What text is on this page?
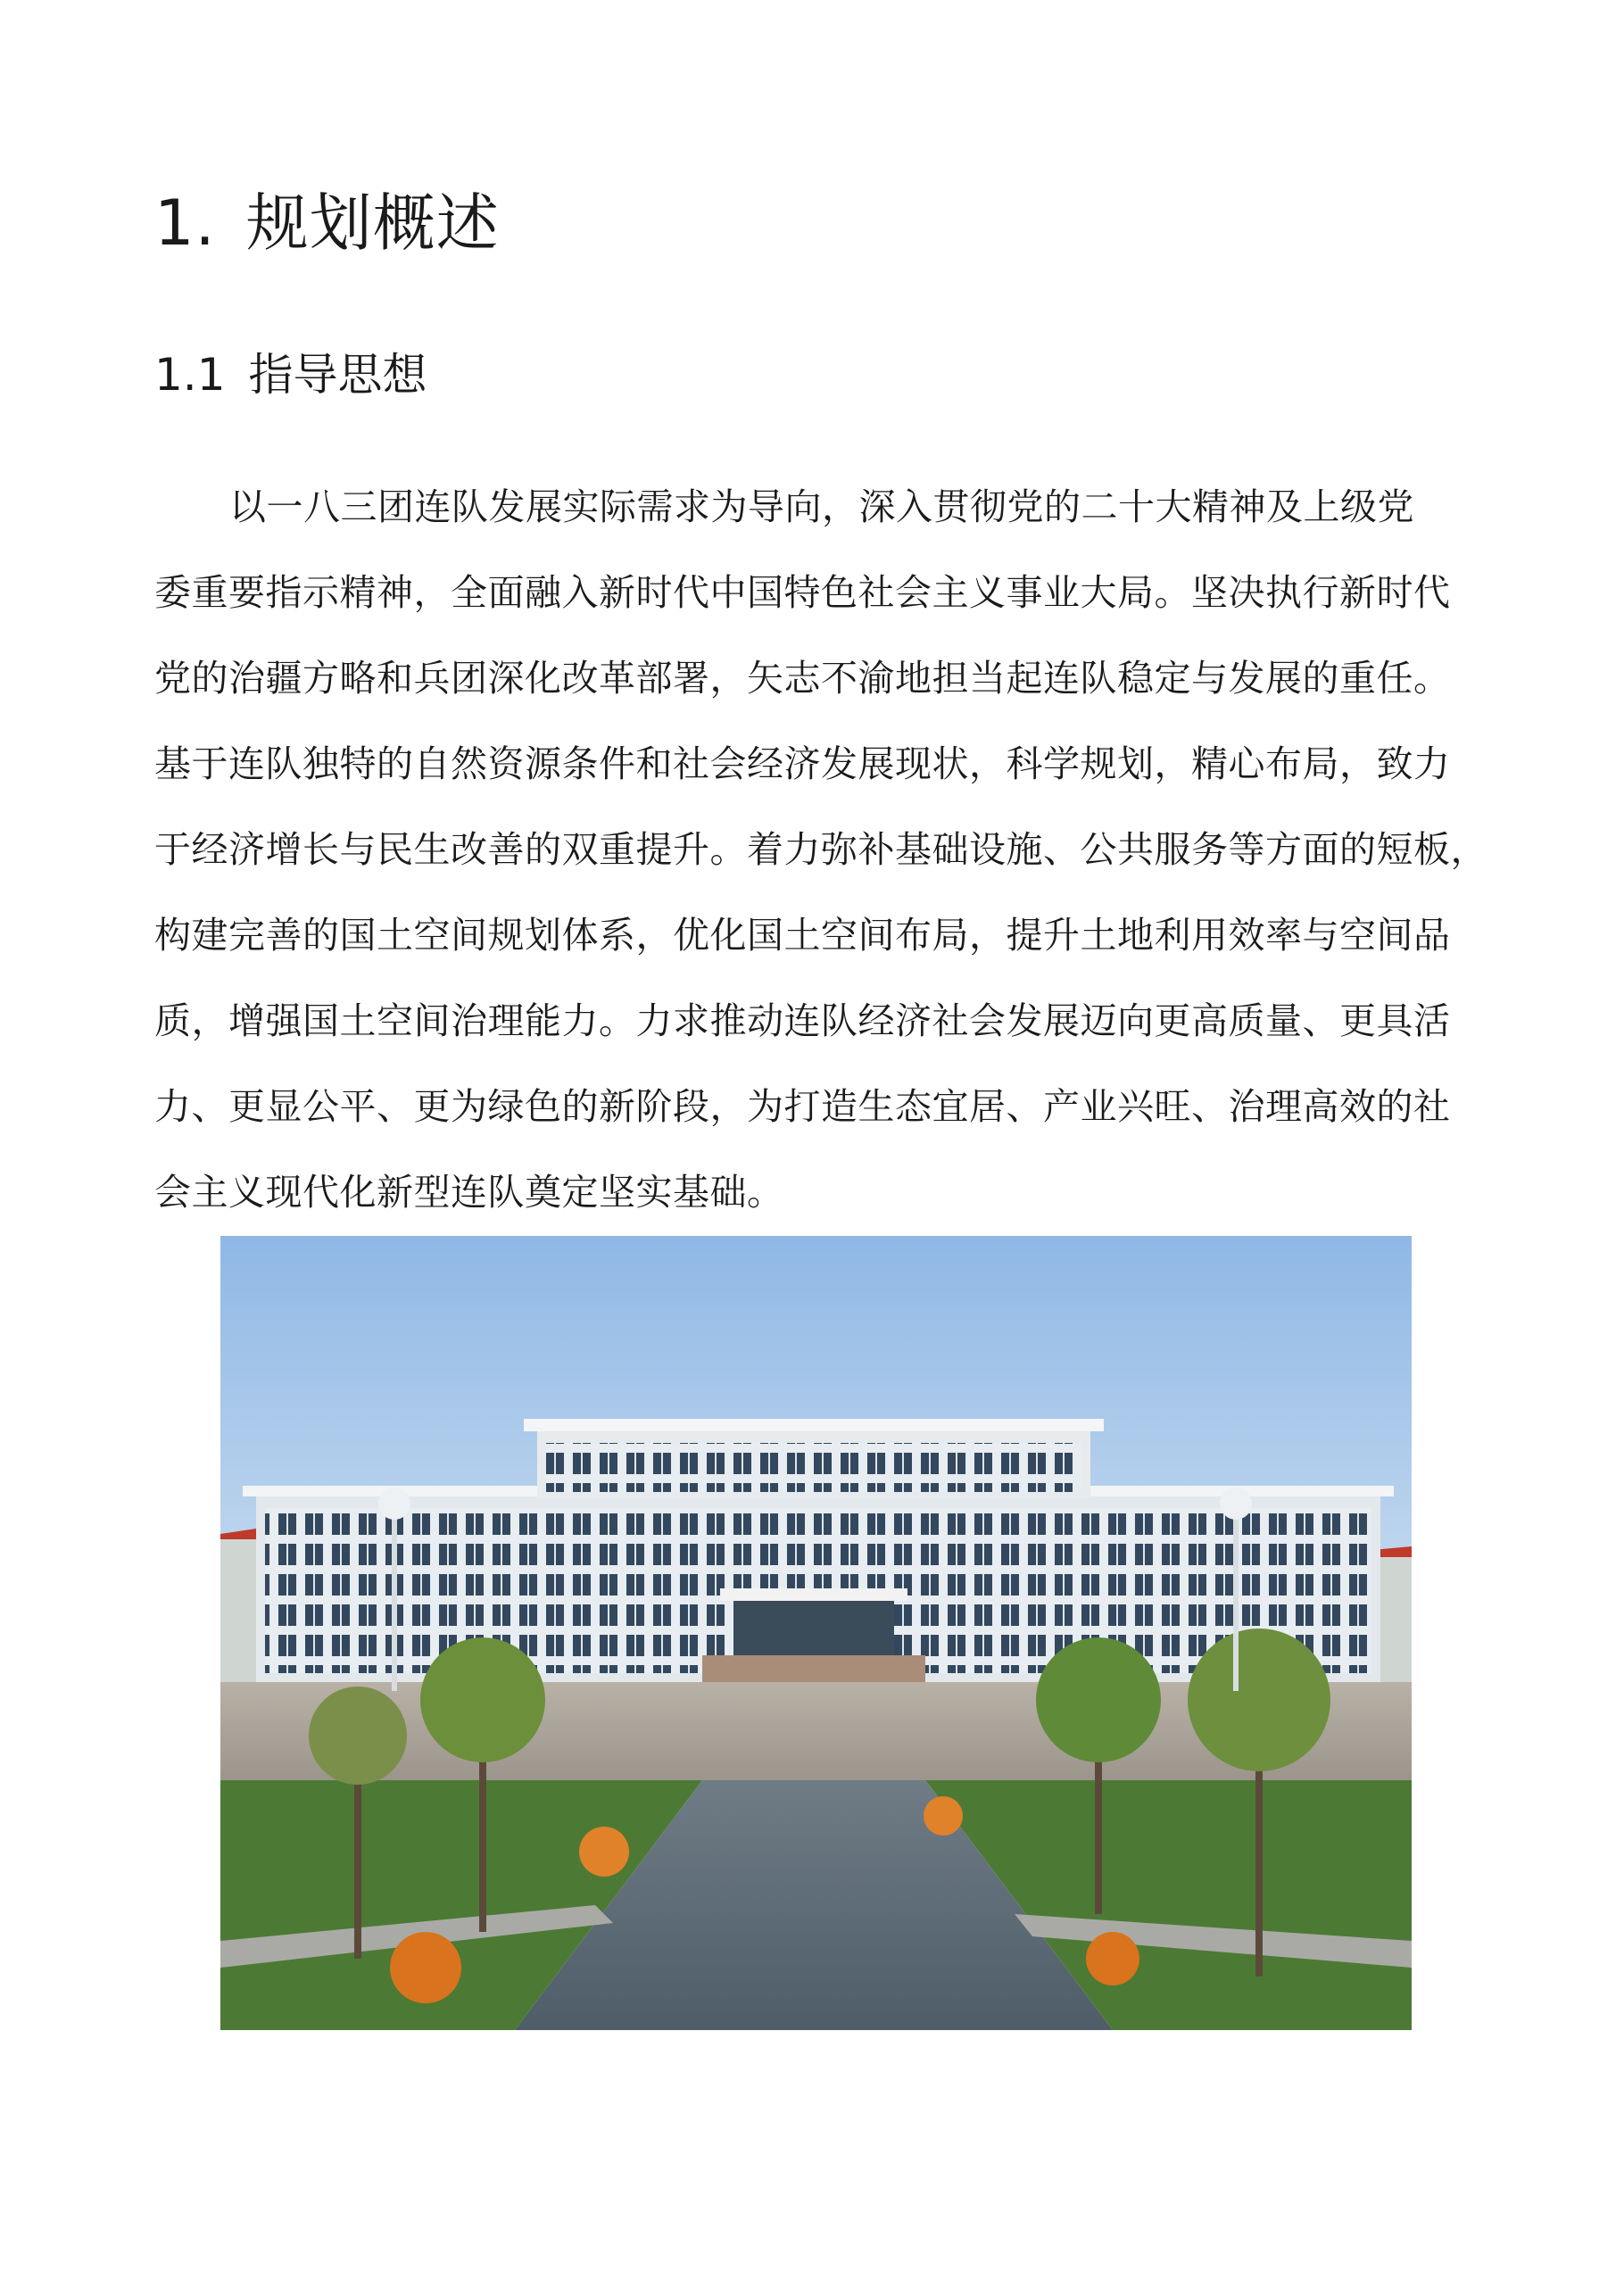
1. 规划概述
1.1 指导思想
以一八三团连队发展实际需求为导向，深入贯彻党的二十大精神及上级党
委重要指示精神，全面融入新时代中国特色社会主义事业大局。坚决执行新时代
党的治疆方略和兵团深化改革部署，矢志不渝地担当起连队稳定与发展的重任。
基于连队独特的自然资源条件和社会经济发展现状，科学规划，精心布局，致力
于经济增长与民生改善的双重提升。着力弥补基础设施、公共服务等方面的短板，
构建完善的国土空间规划体系，优化国土空间布局，提升土地利用效率与空间品
质，增强国土空间治理能力。力求推动连队经济社会发展迈向更高质量、更具活
力、更显公平、更为绿色的新阶段，为打造生态宜居、产业兴旺、治理高效的社
会主义现代化新型连队奠定坚实基础。
